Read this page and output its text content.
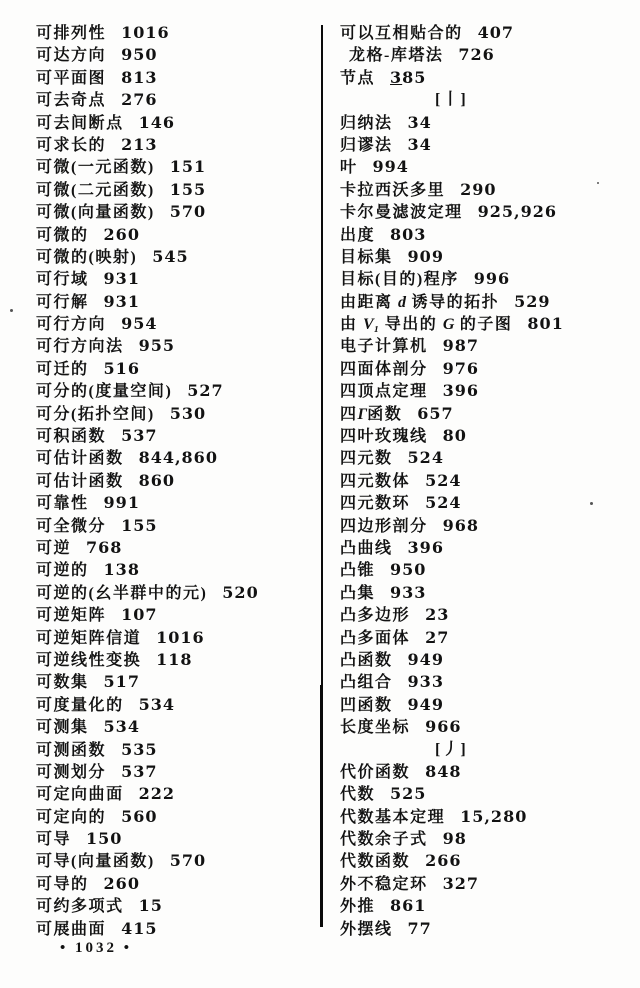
可排列性 1016
可达方向 950
可平面图 813
可去奇点 276
可去间断点 146
可求长的 213
可微(一元函数) 151
可微(二元函数) 155
可微(向量函数) 570
可微的 260
可微的(映射) 545
可行域 931
可行解 931
可行方向 954
可行方向法 955
可迁的 516
可分的(度量空间) 527
可分(拓扑空间) 530
可积函数 537
可估计函数 844,860
可估计函数 860
可靠性 991
可全微分 155
可逆 768
可逆的 138
可逆的(幺半群中的元) 520
可逆矩阵 107
可逆矩阵信道 1016
可逆线性变换 118
可数集 517
可度量化的 534
可测集 534
可测函数 535
可测划分 537
可定向曲面 222
可定向的 560
可导 150
可导(向量函数) 570
可导的 260
可约多项式 15
可展曲面 415
可以互相贴合的 407
龙格-库塔法 726
节点 385
[丨]
归纳法 34
归谬法 34
叶 994
卡拉西沃多里 290
卡尔曼滤波定理 925,926
出度 803
目标集 909
目标(目的)程序 996
由距离 d 诱导的拓扑 529
由 V₁ 导出的 G 的子图 801
电子计算机 987
四面体剖分 976
四顶点定理 396
四Γ函数 657
四叶玫瑰线 80
四元数 524
四元数体 524
四元数环 524
四边形剖分 968
凸曲线 396
凸锥 950
凸集 933
凸多边形 23
凸多面体 27
凸函数 949
凸组合 933
凹函数 949
长度坐标 966
[丿]
代价函数 848
代数 525
代数基本定理 15,280
代数余子式 98
代数函数 266
外不稳定环 327
外推 861
外摆线 77
• 1032 •
